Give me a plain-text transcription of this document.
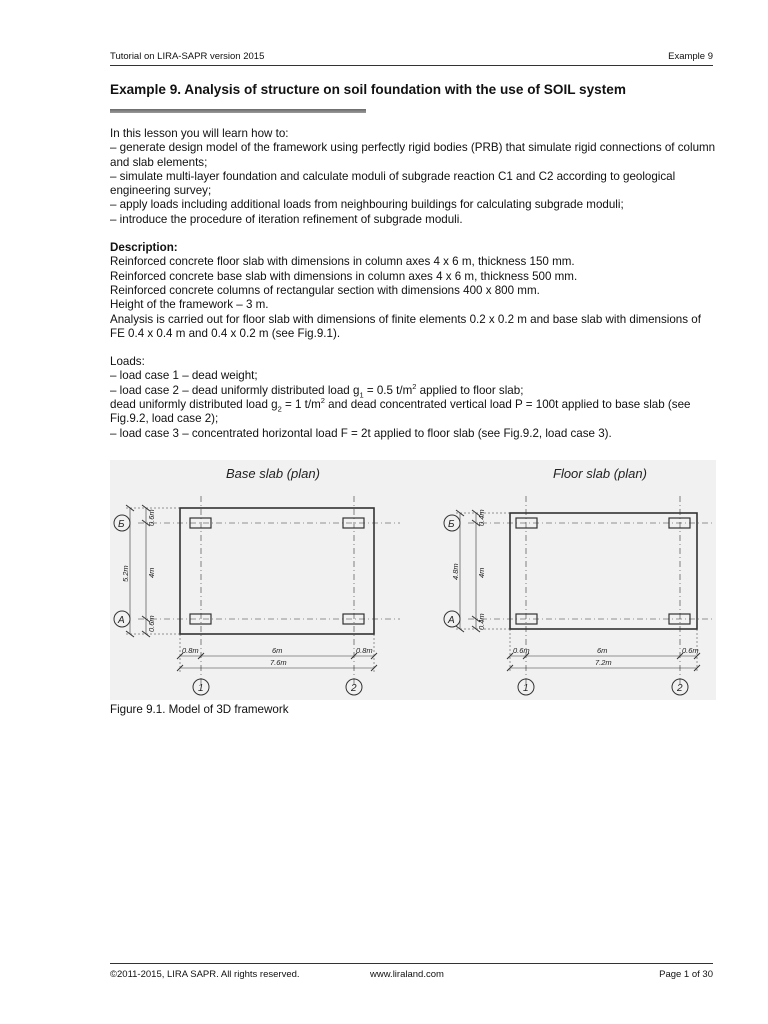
Tutorial on LIRA-SAPR version 2015	Example 9
Example 9. Analysis of structure on soil foundation with the use of SOIL system

In this lesson you will learn how to:

– generate design model of the framework using perfectly rigid bodies (PRB) that simulate rigid connections of column and slab elements;

– simulate multi-layer foundation and calculate moduli of subgrade reaction C1 and C2 according to geological engineering survey;

– apply loads including additional loads from neighbouring buildings for calculating subgrade moduli;

– introduce the procedure of iteration refinement of subgrade moduli.

Description:

Reinforced concrete floor slab with dimensions in column axes 4 x 6 m, thickness 150 mm.

Reinforced concrete base slab with dimensions in column axes 4 x 6 m, thickness 500 mm.

Reinforced concrete columns of rectangular section with dimensions 400 x 800 mm.

Height of the framework – 3 m.

Analysis is carried out for floor slab with dimensions of finite elements 0.2 x 0.2 m and base slab with dimensions of FE 0.4 x 0.4 m and 0.4 x 0.2 m (see Fig.9.1).

Loads:

– load case 1 – dead weight;

– load case 2 – dead uniformly distributed load $g_1 = 0.5$ $t/m^2$ applied to floor slab;

dead uniformly distributed load $g_2 = 1$ $t/m^2$ and dead concentrated vertical load P = 100t applied to base slab (see Fig.9.2, load case 2);

– load case 3 – concentrated horizontal load F = 2t applied to floor slab (see Fig.9.2, load case 3).

Base slab (plan)
Б
А
1	2
0.6m
5.2m 4m
0.6m
0.8m	6m	0.8m
7.6m
Floor slab (plan)
Б
А
1	2
0.4m
4.8m 4m
0.4m
0.6m	6m	0.6m
7.2m
Figure 9.1. Model of 3D framework
©2011-2015, LIRA SAPR. All rights reserved.	www.liraland.com	Page 1 of 30
